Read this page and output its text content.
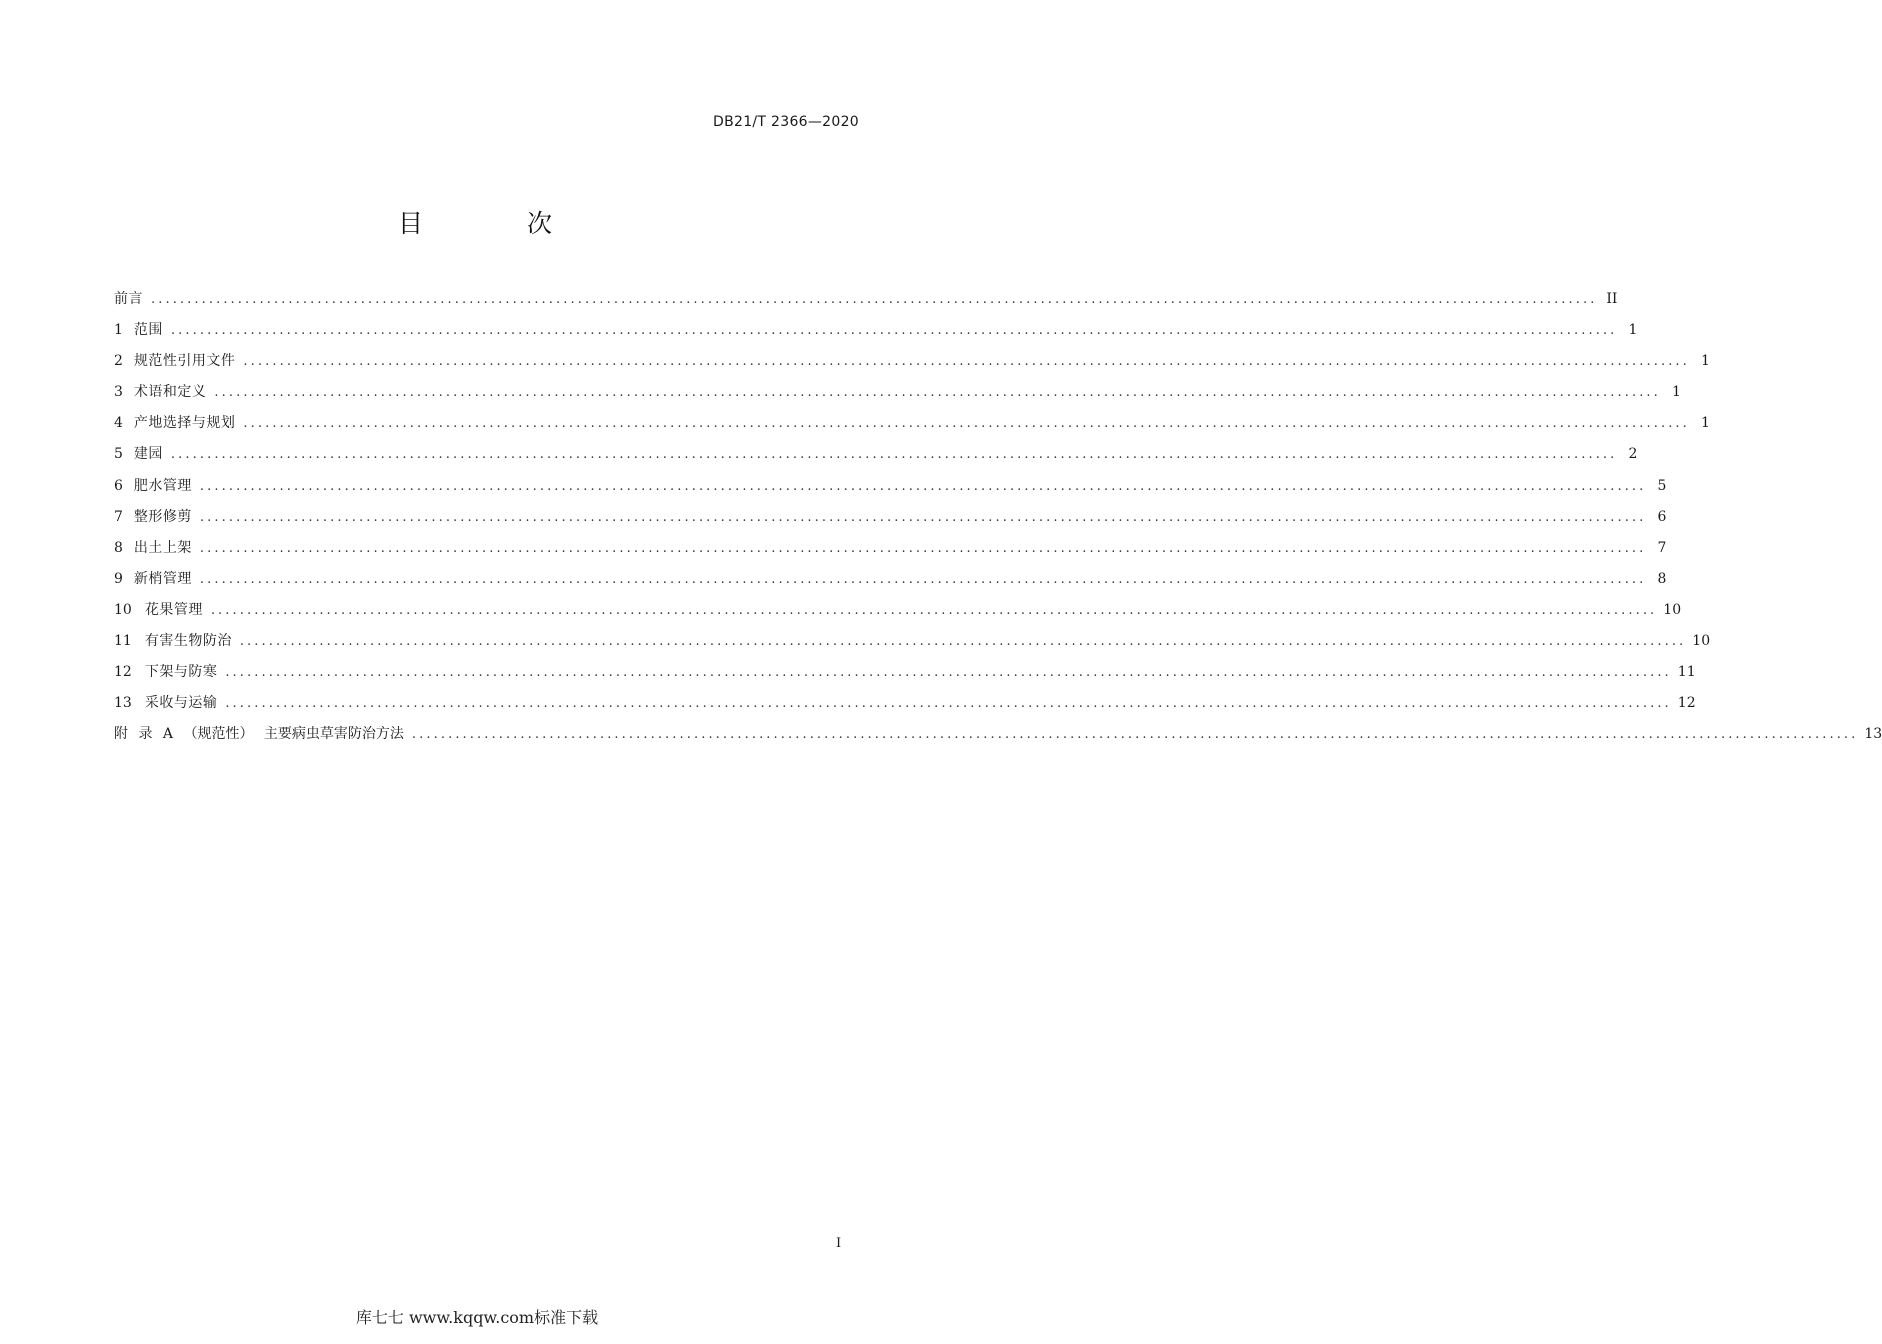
DB21/T 2366—2020
目 次
前言 ........................................................................................................................................................................................................ II
1 范围 ........................................................................................................................................................................................................ 1
2 规范性引用文件 ........................................................................................................................................................................................................ 1
3 术语和定义 ........................................................................................................................................................................................................ 1
4 产地选择与规划 ........................................................................................................................................................................................................ 1
5 建园 ........................................................................................................................................................................................................ 2
6 肥水管理 ........................................................................................................................................................................................................ 5
7 整形修剪 ........................................................................................................................................................................................................ 6
8 出土上架 ........................................................................................................................................................................................................ 7
9 新梢管理 ........................................................................................................................................................................................................ 8
10 花果管理 ........................................................................................................................................................................................................ 10
11 有害生物防治 ........................................................................................................................................................................................................ 10
12 下架与防寒 ........................................................................................................................................................................................................ 11
13 采收与运输 ........................................................................................................................................................................................................ 12
附 录 A （规范性） 主要病虫草害防治方法 ........................................................................................................................................................................................................ 13
I
库七七 www.kqqw.com标准下载
